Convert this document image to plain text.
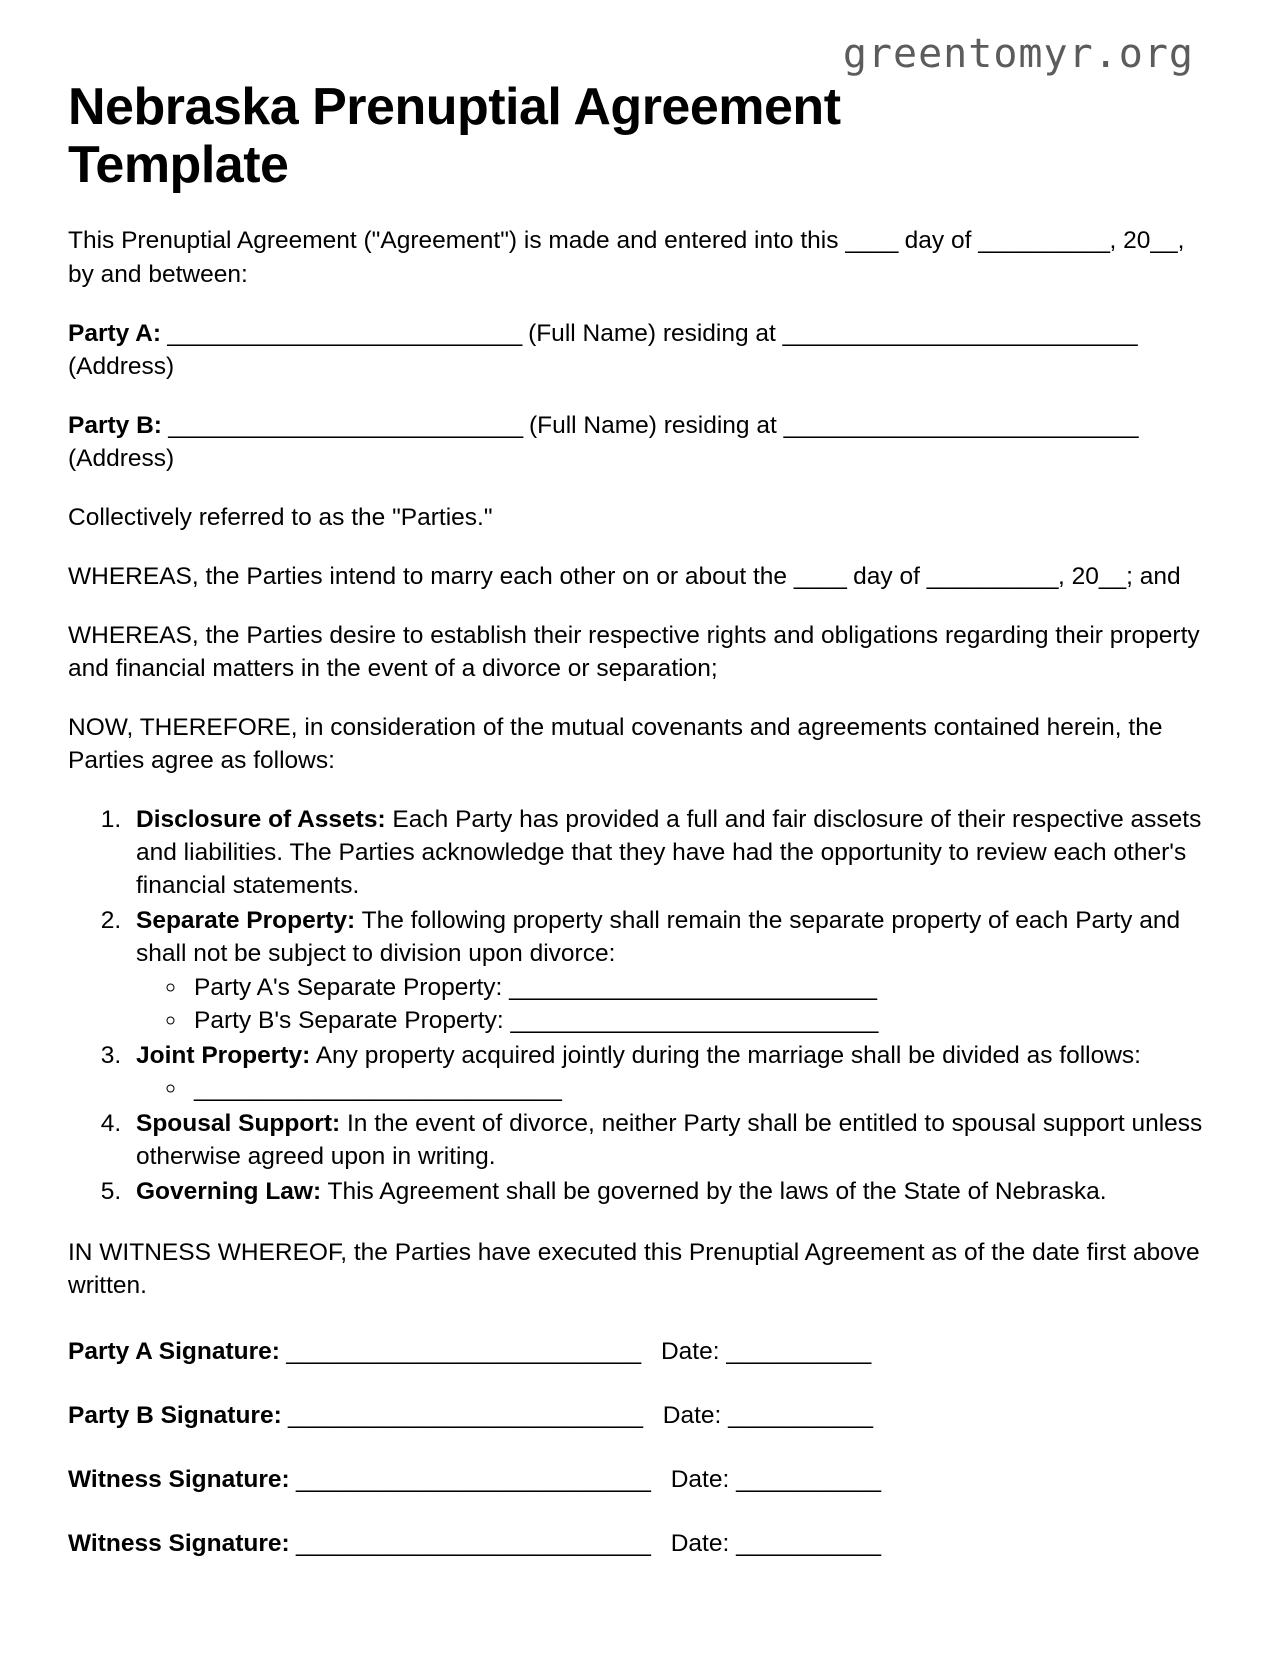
greentomyr.org
Nebraska Prenuptial Agreement Template

This Prenuptial Agreement ("Agreement") is made and entered into this ____ day of __________, 20__, by and between:

Party A: ___________________________ (Full Name) residing at ___________________________ (Address)

Party B: ___________________________ (Full Name) residing at ___________________________ (Address)

Collectively referred to as the "Parties."

WHEREAS, the Parties intend to marry each other on or about the ____ day of __________, 20__; and

WHEREAS, the Parties desire to establish their respective rights and obligations regarding their property and financial matters in the event of a divorce or separation;

NOW, THEREFORE, in consideration of the mutual covenants and agreements contained herein, the Parties agree as follows:

1. Disclosure of Assets: Each Party has provided a full and fair disclosure of their respective assets and liabilities. The Parties acknowledge that they have had the opportunity to review each other's financial statements.
2. Separate Property: The following property shall remain the separate property of each Party and shall not be subject to division upon divorce:
◦ Party A's Separate Property: ___________________________
◦ Party B's Separate Property: ___________________________
3. Joint Property: Any property acquired jointly during the marriage shall be divided as follows:
◦ ___________________________
4. Spousal Support: In the event of divorce, neither Party shall be entitled to spousal support unless otherwise agreed upon in writing.
5. Governing Law: This Agreement shall be governed by the laws of the State of Nebraska.

IN WITNESS WHEREOF, the Parties have executed this Prenuptial Agreement as of the date first above written.

Party A Signature: ___________________________ Date: ___________

Party B Signature: ___________________________ Date: ___________

Witness Signature: ___________________________ Date: ___________

Witness Signature: ___________________________ Date: ___________
